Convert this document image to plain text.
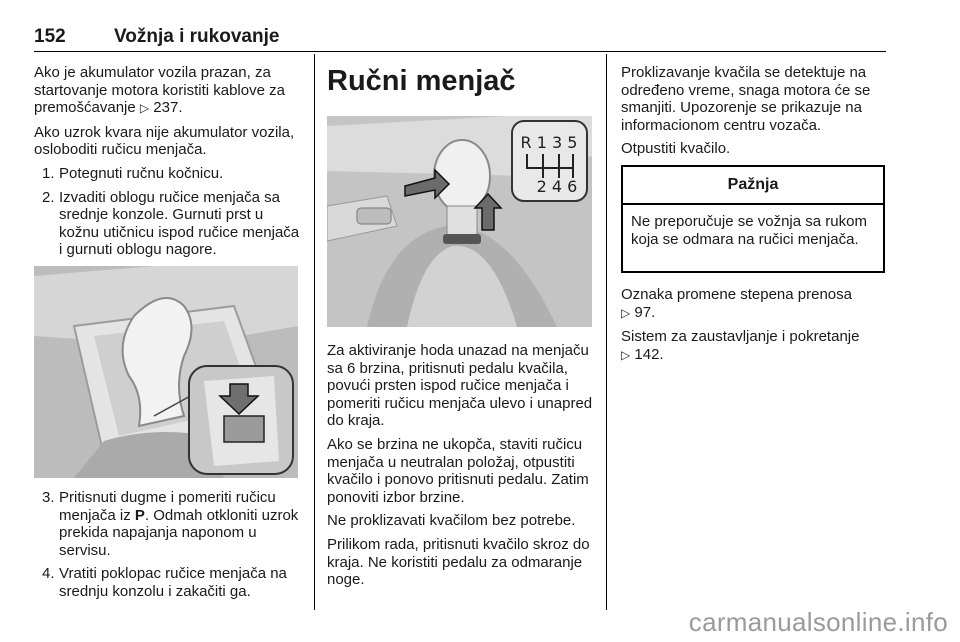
152	Vožnja i rukovanje

Ako je akumulator vozila prazan, za startovanje motora koristiti kablove za premošćavanje ▷ 237.

Ako uzrok kvara nije akumulator vozila, osloboditi ručicu menjača.

1. Potegnuti ručnu kočnicu.
2. Izvaditi oblogu ručice menjača sa srednje konzole. Gurnuti prst u kožnu utičnicu ispod ručice menjača i gurnuti oblogu nagore.
3. Pritisnuti dugme i pomeriti ručicu menjača iz P. Odmah otkloniti uzrok prekida napajanja naponom u servisu.
4. Vratiti poklopac ručice menjača na srednju konzolu i zakačiti ga.
Ručni menjač
R 1 3 5
2 4 6

Za aktiviranje hoda unazad na menjaču sa 6 brzina, pritisnuti pedalu kvačila, povući prsten ispod ručice menjača i pomeriti ručicu menjača ulevo i unapred do kraja.

Ako se brzina ne ukopča, staviti ručicu menjača u neutralan položaj, otpustiti kvačilo i ponovo pritisnuti pedalu. Zatim ponoviti izbor brzine.

Ne proklizavati kvačilom bez potrebe.

Prilikom rada, pritisnuti kvačilo skroz do kraja. Ne koristiti pedalu za odmaranje noge.

Proklizavanje kvačila se detektuje na određeno vreme, snaga motora će se smanjiti. Upozorenje se prikazuje na informacionom centru vozača.

Otpustiti kvačilo.

Pažnja
Ne preporučuje se vožnja sa rukom koja se odmara na ručici menjača.

Oznaka promene stepena prenosa
▷ 97.

Sistem za zaustavljanje i pokretanje
▷ 142.

carmanualsonline.info
